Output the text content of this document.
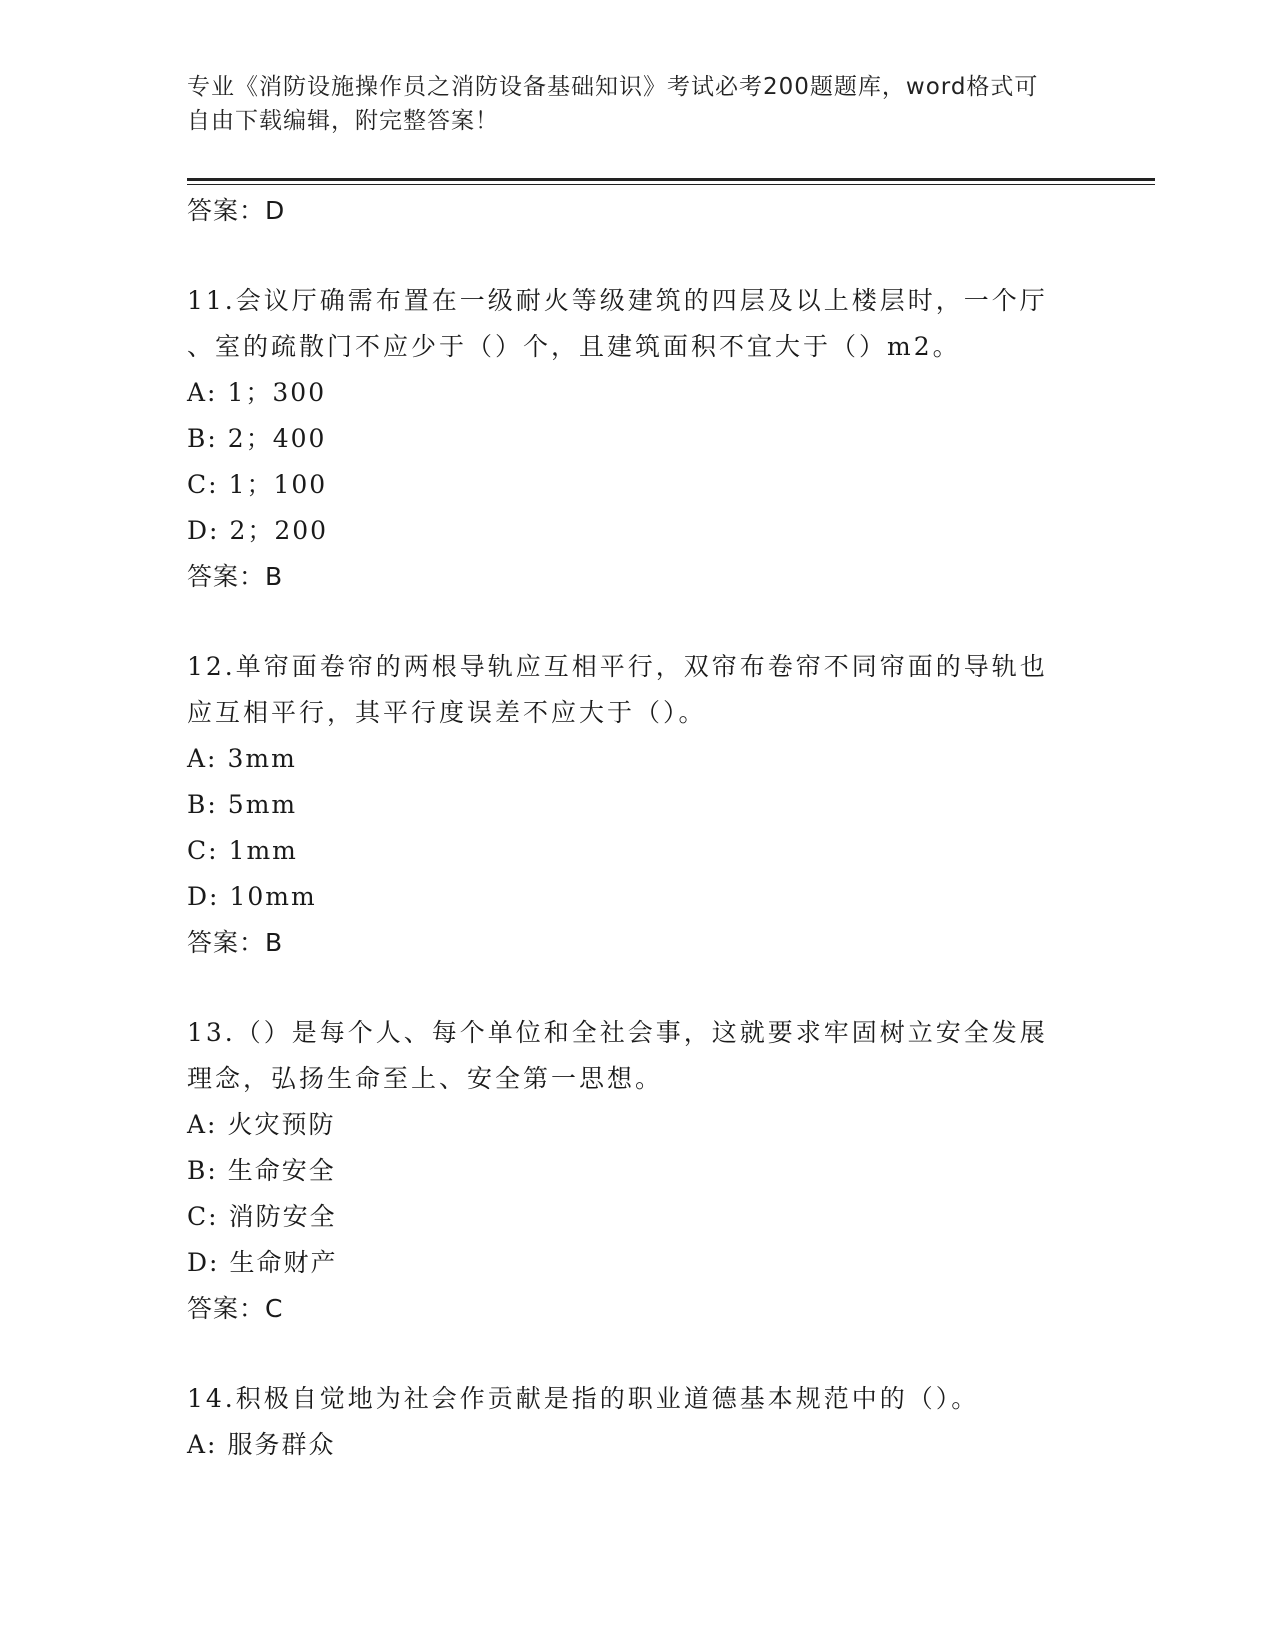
专业《消防设施操作员之消防设备基础知识》考试必考200题题库，word格式可
自由下载编辑，附完整答案！
答案：D
11.会议厅确需布置在一级耐火等级建筑的四层及以上楼层时，一个厅
、室的疏散门不应少于（）个，且建筑面积不宜大于（）m2。
A: 1；300
B: 2；400
C: 1；100
D: 2；200
答案：B
12.单帘面卷帘的两根导轨应互相平行，双帘布卷帘不同帘面的导轨也
应互相平行，其平行度误差不应大于（）。
A: 3mm
B: 5mm
C: 1mm
D: 10mm
答案：B
13.（）是每个人、每个单位和全社会事，这就要求牢固树立安全发展
理念，弘扬生命至上、安全第一思想。
A: 火灾预防
B: 生命安全
C: 消防安全
D: 生命财产
答案：C
14.积极自觉地为社会作贡献是指的职业道德基本规范中的（）。
A: 服务群众
